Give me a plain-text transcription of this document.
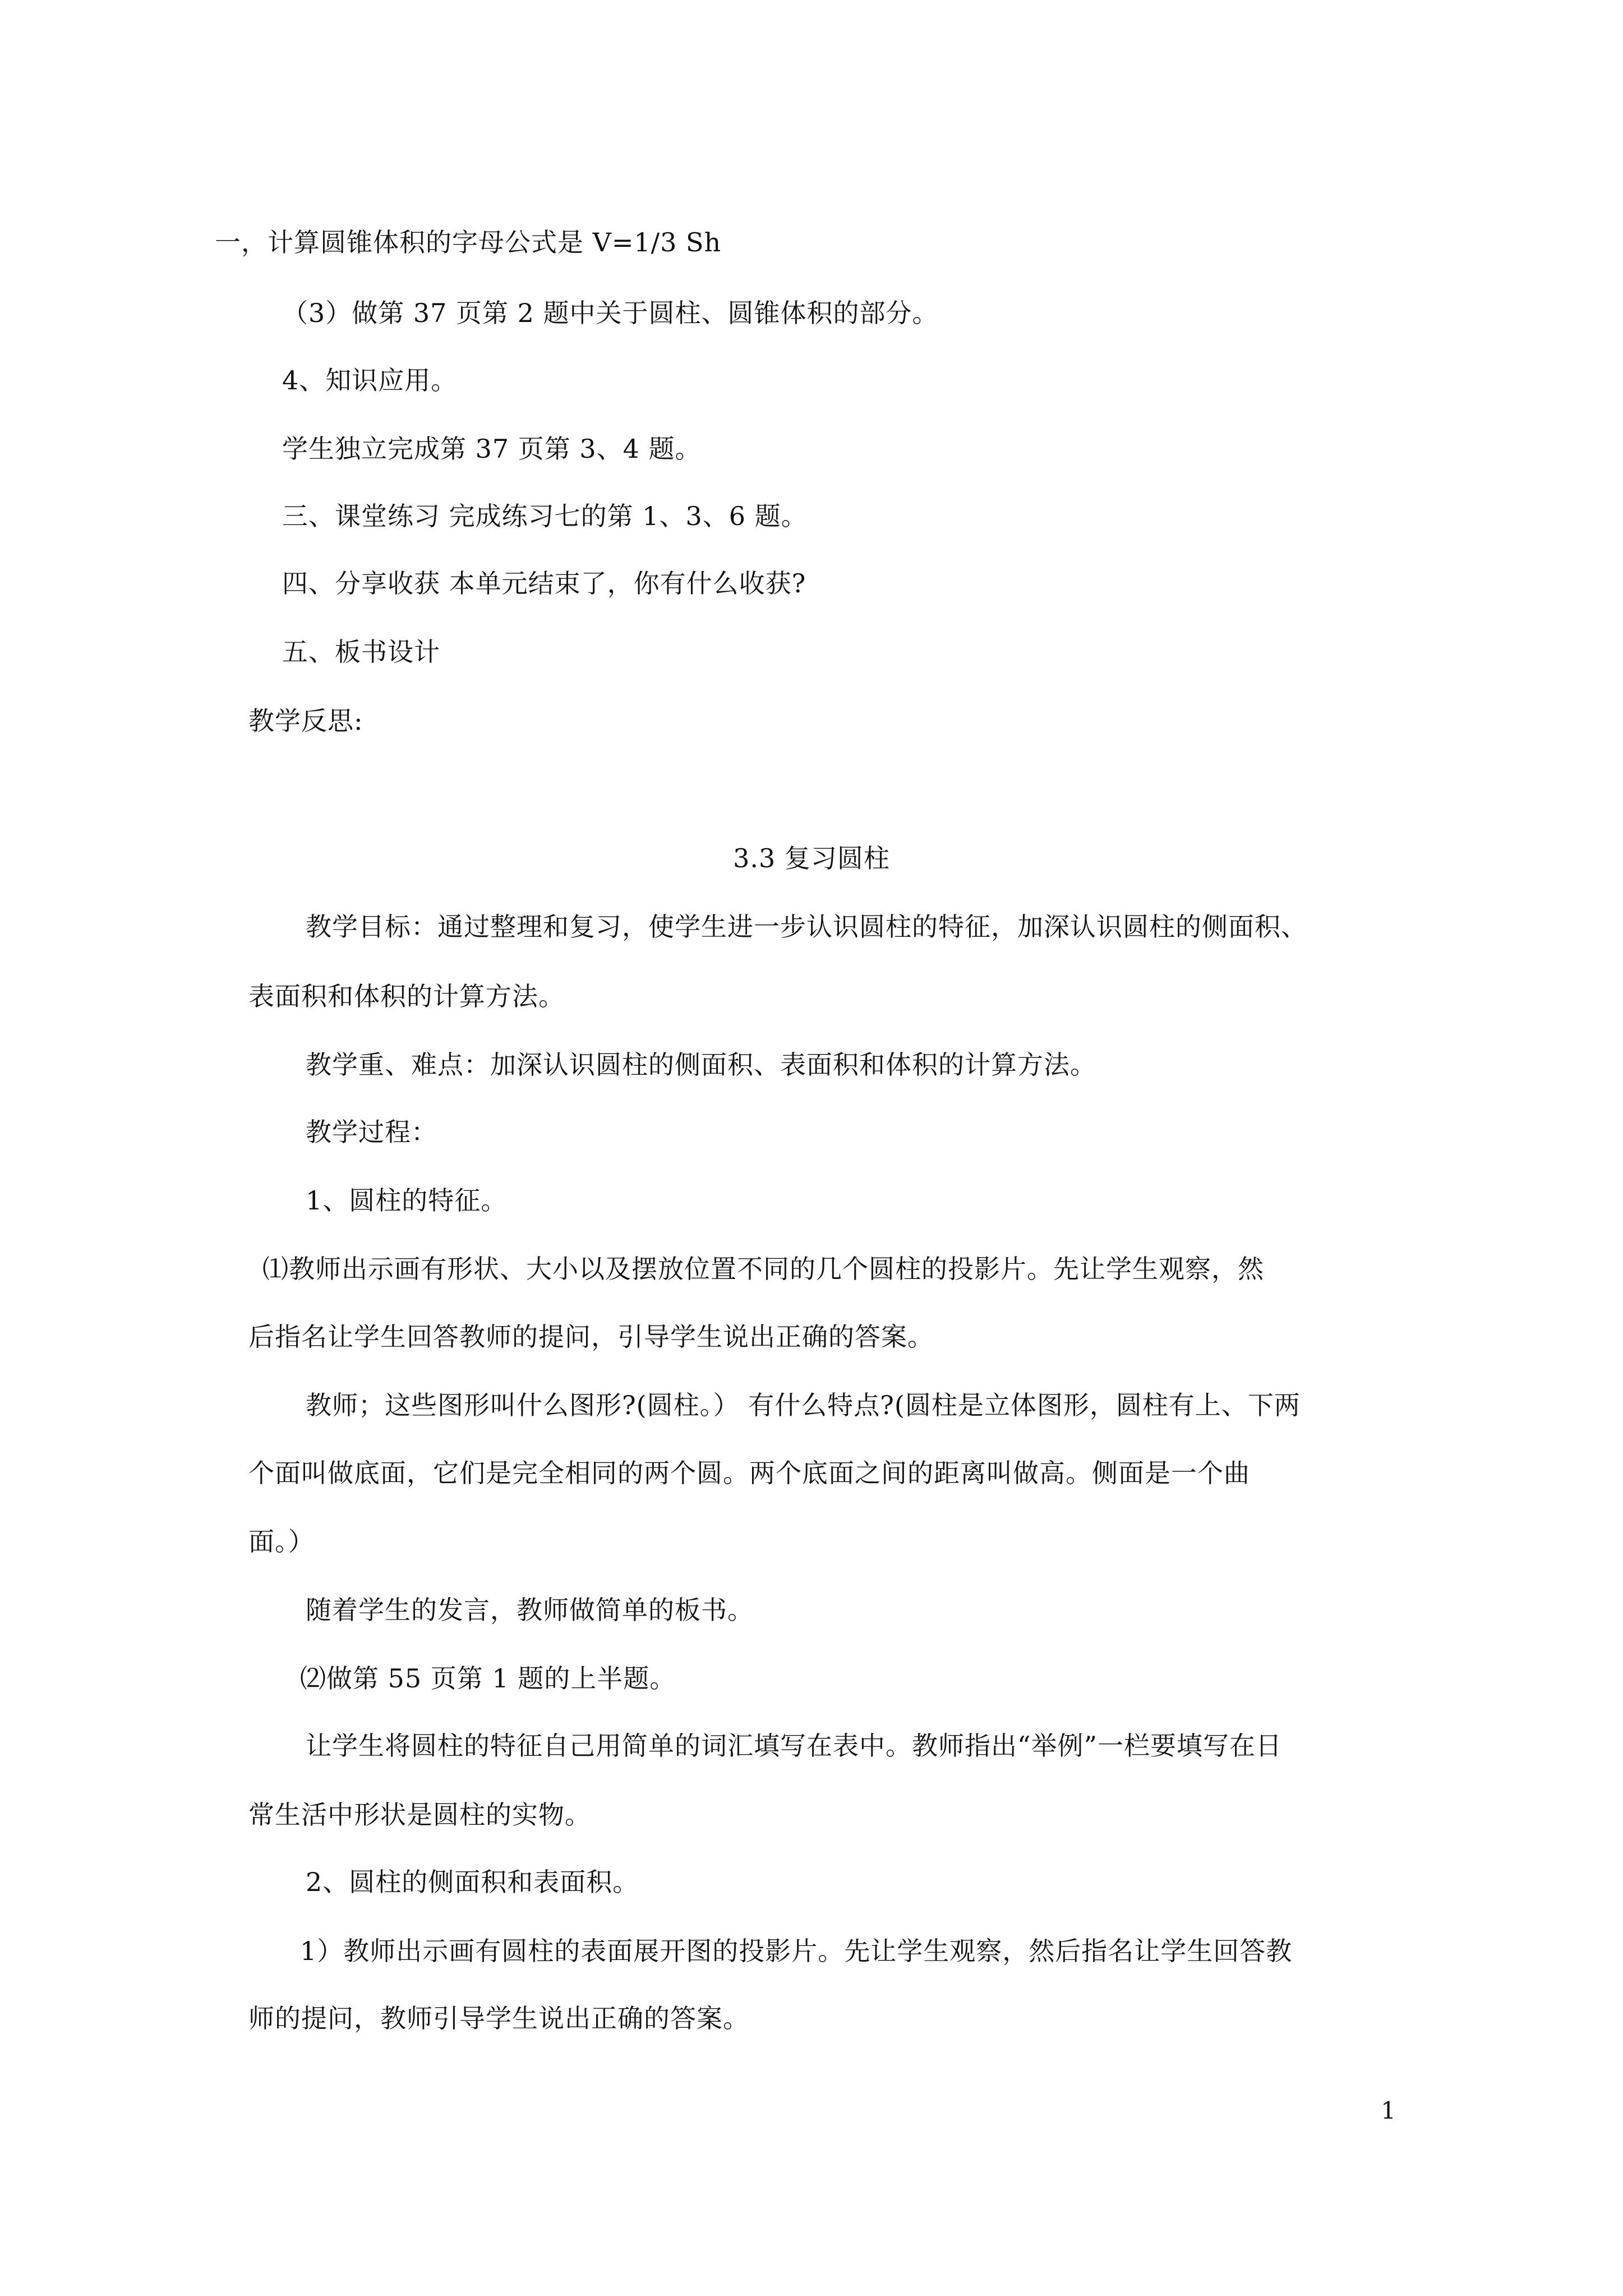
一，计算圆锥体积的字母公式是 V=1/3 Sh
（3）做第 37 页第 2 题中关于圆柱、圆锥体积的部分。
4、知识应用。
学生独立完成第 37 页第 3、4 题。
三、课堂练习 完成练习七的第 1、3、6 题。
四、分享收获 本单元结束了，你有什么收获?
五、板书设计
教学反思:
3.3 复习圆柱
教学目标：通过整理和复习，使学生进一步认识圆柱的特征，加深认识圆柱的侧面积、
表面积和体积的计算方法。
教学重、难点：加深认识圆柱的侧面积、表面积和体积的计算方法。
教学过程：
1、圆柱的特征。
⑴教师出示画有形状、大小以及摆放位置不同的几个圆柱的投影片。先让学生观察，然
后指名让学生回答教师的提问，引导学生说出正确的答案。
教师；这些图形叫什么图形?(圆柱。） 有什么特点?(圆柱是立体图形，圆柱有上、下两
个面叫做底面，它们是完全相同的两个圆。两个底面之间的距离叫做高。侧面是一个曲
面。）
随着学生的发言，教师做简单的板书。
⑵做第 55 页第 1 题的上半题。
让学生将圆柱的特征自己用简单的词汇填写在表中。教师指出“举例”一栏要填写在日
常生活中形状是圆柱的实物。
2、圆柱的侧面积和表面积。
1）教师出示画有圆柱的表面展开图的投影片。先让学生观察，然后指名让学生回答教
师的提问，教师引导学生说出正确的答案。
1
